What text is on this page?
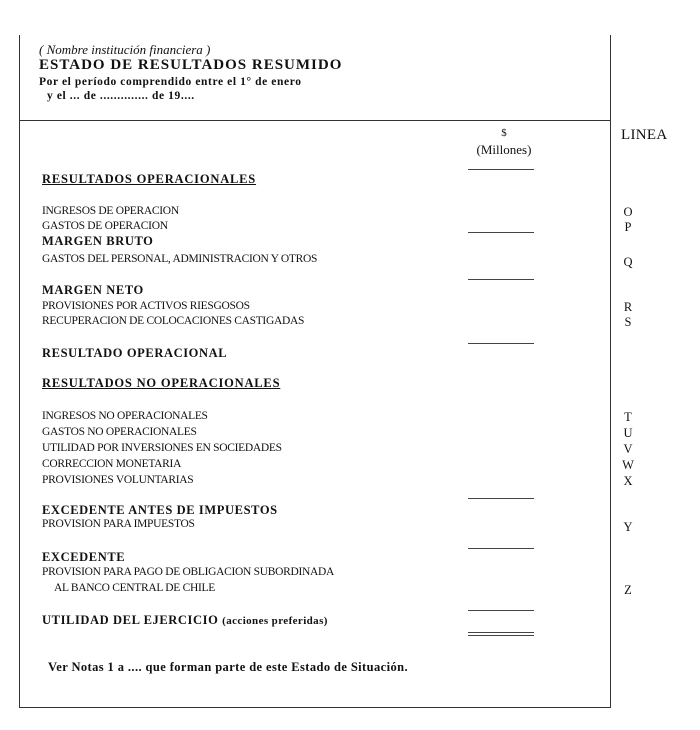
( Nombre institución financiera )
ESTADO DE RESULTADOS RESUMIDO
Por el período comprendido entre el 1° de enero
y el ... de .............. de 19....
$
(Millones)
LINEA
RESULTADOS OPERACIONALES
INGRESOS DE OPERACION	O
GASTOS DE OPERACION	P
MARGEN BRUTO
GASTOS DEL PERSONAL, ADMINISTRACION Y OTROS	Q
MARGEN NETO
PROVISIONES POR ACTIVOS RIESGOSOS	R
RECUPERACION DE COLOCACIONES CASTIGADAS	S
RESULTADO OPERACIONAL
RESULTADOS NO OPERACIONALES
INGRESOS NO OPERACIONALES	T
GASTOS NO OPERACIONALES	U
UTILIDAD POR INVERSIONES EN SOCIEDADES	V
CORRECCION MONETARIA	W
PROVISIONES VOLUNTARIAS	X
EXCEDENTE ANTES DE IMPUESTOS
PROVISION PARA IMPUESTOS	Y
EXCEDENTE
PROVISION PARA PAGO DE OBLIGACION SUBORDINADA
AL BANCO CENTRAL DE CHILE	Z
UTILIDAD DEL EJERCICIO (acciones preferidas)
Ver Notas 1 a .... que forman parte de este Estado de Situación.
